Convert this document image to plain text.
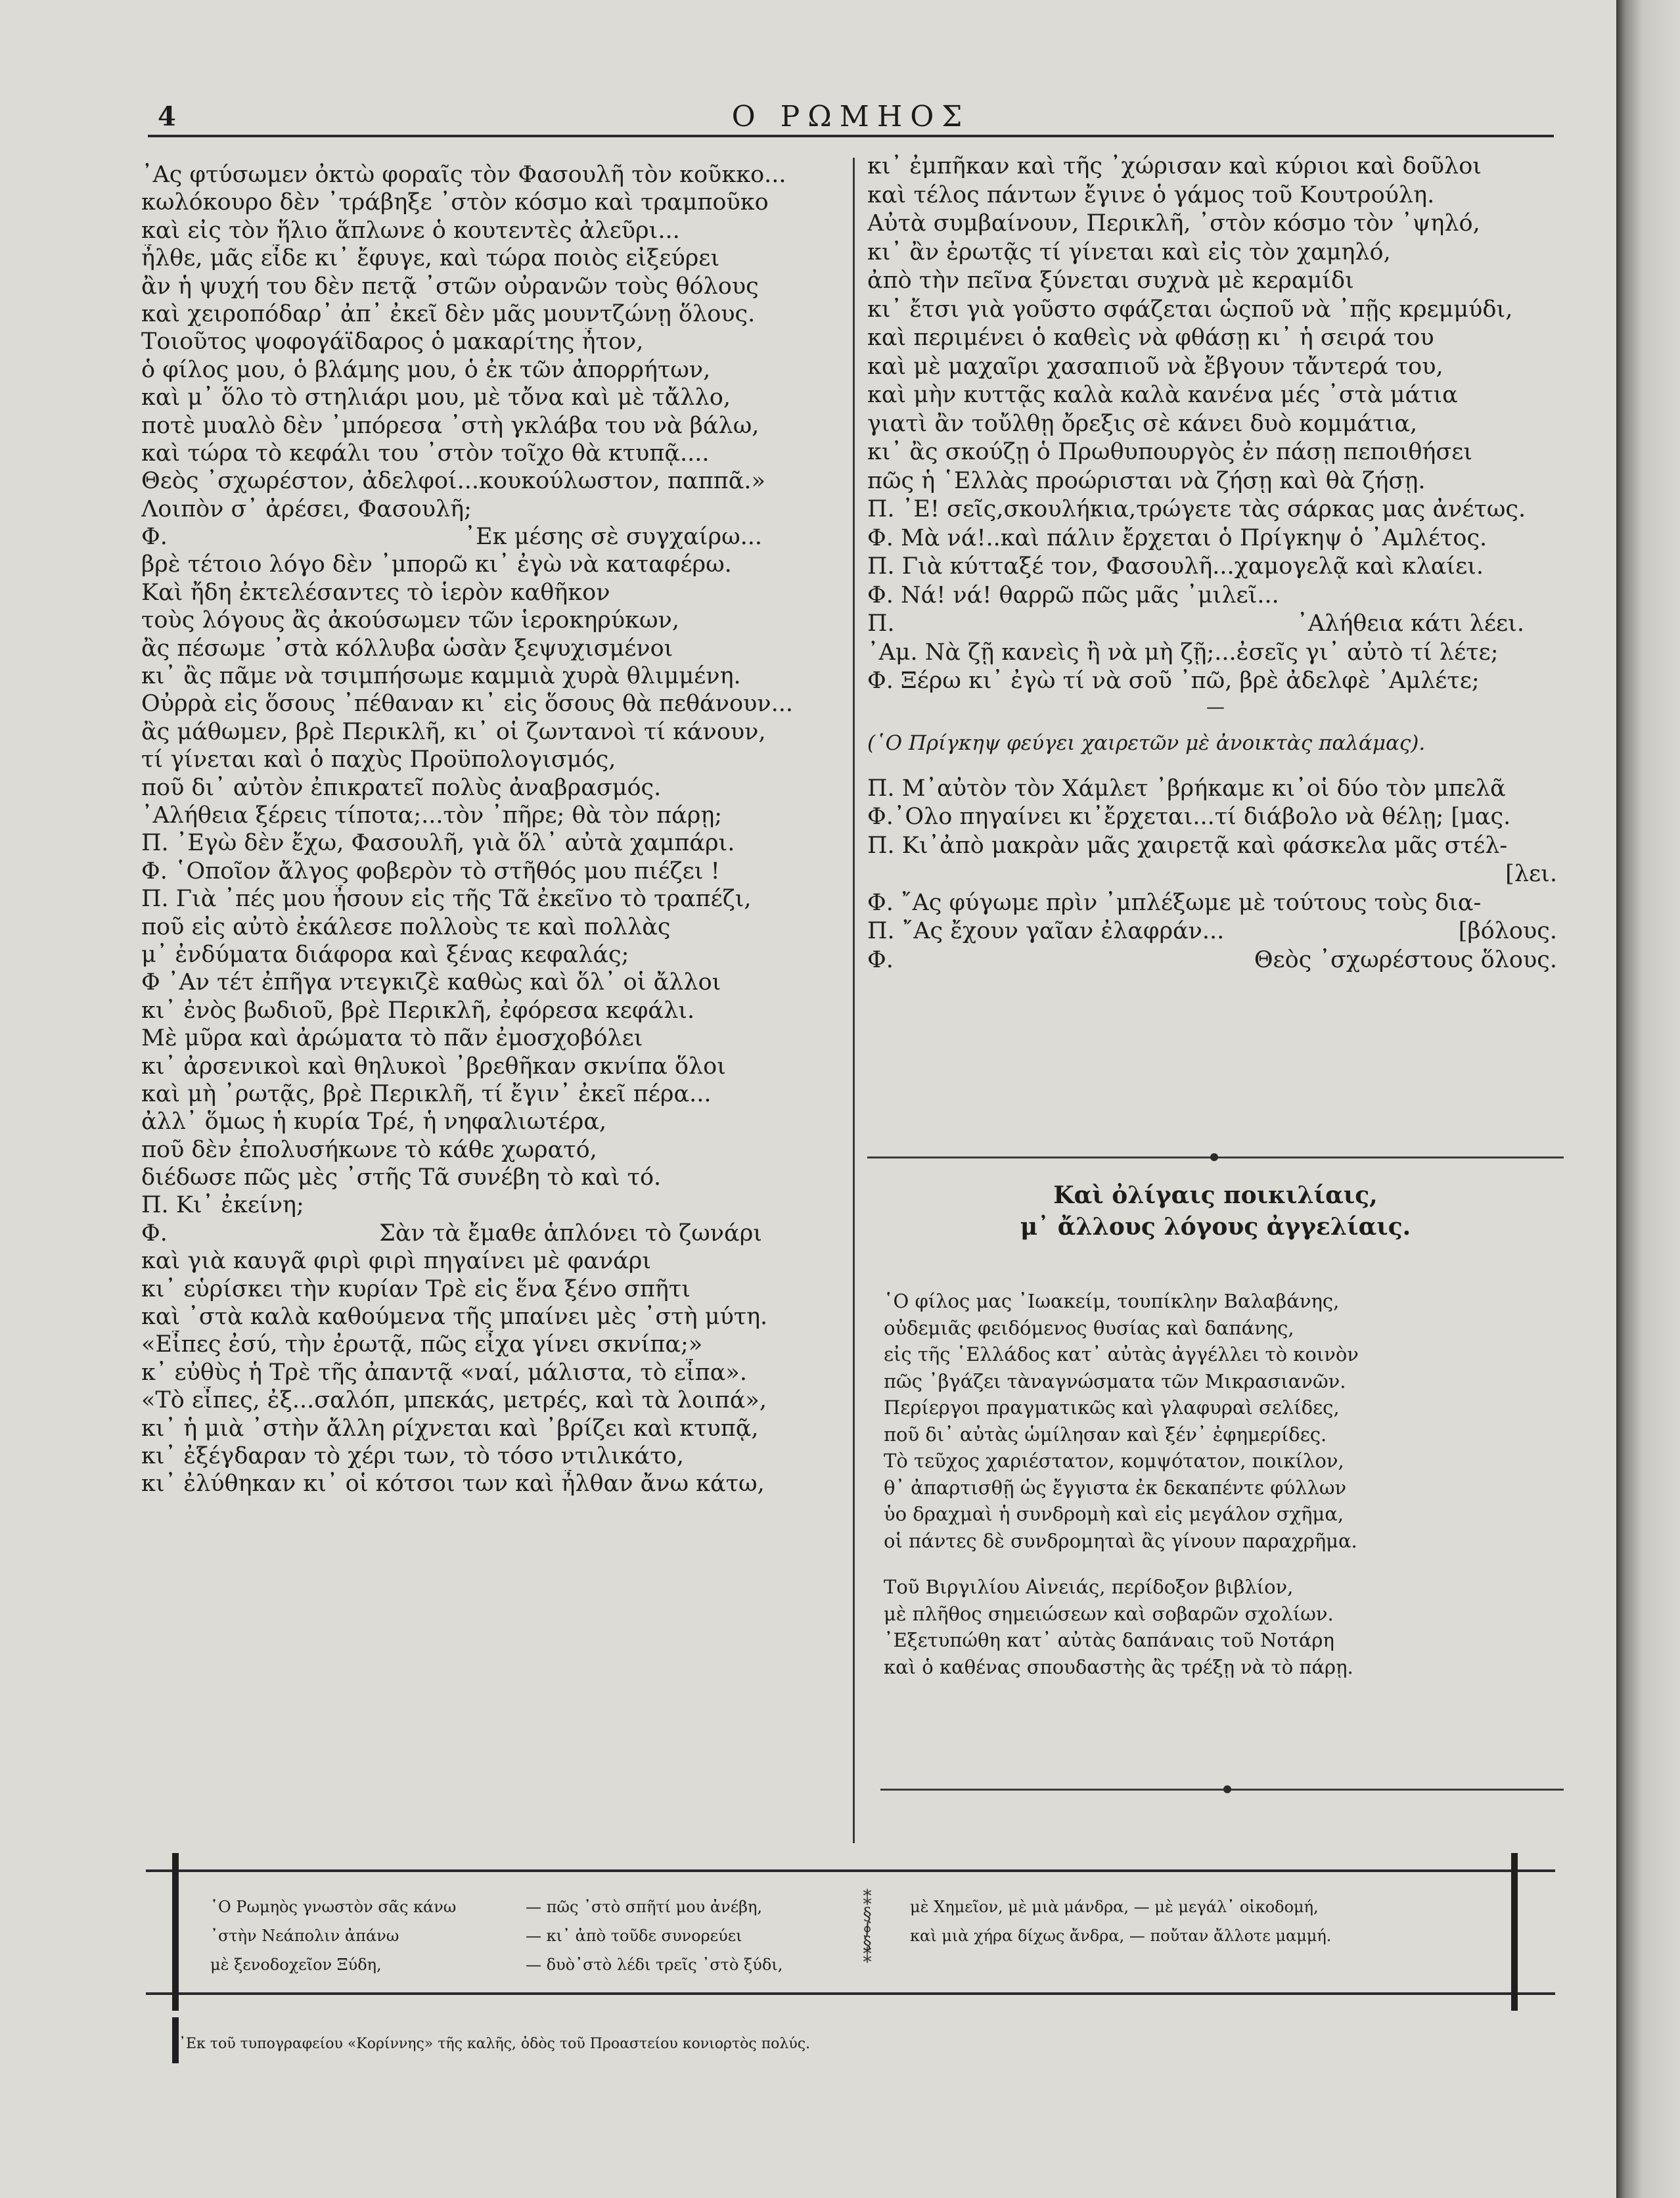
4	Ο ΡΩΜΗΟΣ
᾿Ας φτύσωμεν ὀκτὼ φοραῖς τὸν Φασουλῆ τὸν κοῦκκο...
κωλόκουρο δὲν ᾽τράβηξε ᾽στὸν κόσμο καὶ τραμποῦκο
καὶ εἰς τὸν ἥλιο ἅπλωνε ὁ κουτεντὲς ἀλεῦρι...
ἦλθε, μᾶς εἶδε κι᾽ ἔφυγε, καὶ τώρα ποιὸς εἰξεύρει
ἂν ἡ ψυχή του δὲν πετᾷ ᾽στῶν οὐρανῶν τοὺς θόλους
καὶ χειροπόδαρ᾽ ἀπ᾽ ἐκεῖ δὲν μᾶς μουντζώνῃ ὅλους.
Τοιοῦτος ψοφογάϊδαρος ὁ μακαρίτης ἦτον,
ὁ φίλος μου, ὁ βλάμης μου, ὁ ἐκ τῶν ἀπορρήτων,
καὶ μ᾽ ὅλο τὸ στηλιάρι μου, μὲ τὄνα καὶ μὲ τἄλλο,
ποτὲ μυαλὸ δὲν ᾽μπόρεσα ᾽στὴ γκλάβα του νὰ βάλω,
καὶ τώρα τὸ κεφάλι του ᾽στὸν τοῖχο θὰ κτυπᾷ....
Θεὸς ᾽σχωρέστον, ἀδελφοί...κουκούλωστον, παππᾶ.»
Λοιπὸν σ᾽ ἀρέσει, Φασουλῆ;
Φ.	᾿Εκ μέσης σὲ συγχαίρω...
βρὲ τέτοιο λόγο δὲν ᾽μπορῶ κι᾽ ἐγὼ νὰ καταφέρω.
Καὶ ἤδη ἐκτελέσαντες τὸ ἱερὸν καθῆκον
τοὺς λόγους ἂς ἀκούσωμεν τῶν ἱεροκηρύκων,
ἂς πέσωμε ᾽στὰ κόλλυβα ὡσὰν ξεψυχισμένοι
κι᾽ ἂς πᾶμε νὰ τσιμπήσωμε καμμιὰ χυρὰ θλιμμένη.
Οὐρρὰ εἰς ὅσους ᾽πέθαναν κι᾽ εἰς ὅσους θὰ πεθάνουν...
ἂς μάθωμεν, βρὲ Περικλῆ, κι᾽ οἱ ζωντανοὶ τί κάνουν,
τί γίνεται καὶ ὁ παχὺς Προϋπολογισμός,
ποῦ δι᾽ αὐτὸν ἐπικρατεῖ πολὺς ἀναβρασμός.
᾿Αλήθεια ξέρεις τίποτα;...τὸν ᾽πῆρε; θὰ τὸν πάρῃ;
Π. ᾿Εγὼ δὲν ἔχω, Φασουλῆ, γιὰ ὅλ᾽ αὐτὰ χαμπάρι.
Φ. ῾Οποῖον ἄλγος φοβερὸν τὸ στῆθός μου πιέζει !
Π. Γιὰ ᾽πές μου ἦσουν εἰς τῆς Τᾶ ἐκεῖνο τὸ τραπέζι,
ποῦ εἰς αὐτὸ ἐκάλεσε πολλοὺς τε καὶ πολλὰς
μ᾽ ἐνδύματα διάφορα καὶ ξένας κεφαλάς;
Φ ᾽Αν τέτ ἐπῆγα ντεγκιζὲ καθὼς καὶ ὅλ᾽ οἱ ἄλλοι
κι᾽ ἐνὸς βωδιοῦ, βρὲ Περικλῆ, ἐφόρεσα κεφάλι.
Μὲ μῦρα καὶ ἀρώματα τὸ πᾶν ἐμοσχοβόλει
κι᾽ ἀρσενικοὶ καὶ θηλυκοὶ ᾽βρεθῆκαν σκνίπα ὅλοι
καὶ μὴ ᾽ρωτᾷς, βρὲ Περικλῆ, τί ἔγιν᾽ ἐκεῖ πέρα...
ἀλλ᾽ ὅμως ἡ κυρία Τρέ, ἡ νηφαλιωτέρα,
ποῦ δὲν ἐπολυσήκωνε τὸ κάθε χωρατό,
διέδωσε πῶς μὲς ᾽στῆς Τᾶ συνέβη τὸ καὶ τό.
Π. Κι᾽ ἐκείνη;
Φ.	Σὰν τὰ ἔμαθε ἁπλόνει τὸ ζωνάρι
καὶ γιὰ καυγᾶ φιρὶ φιρὶ πηγαίνει μὲ φανάρι
κι᾽ εὑρίσκει τὴν κυρίαν Τρὲ εἰς ἕνα ξένο σπῆτι
καὶ ᾽στὰ καλὰ καθούμενα τῆς μπαίνει μὲς ᾽στὴ μύτη.
«Εἶπες ἐσύ, τὴν ἐρωτᾷ, πῶς εἶχα γίνει σκνίπα;»
κ᾽ εὐθὺς ἡ Τρὲ τῆς ἀπαντᾷ «ναί, μάλιστα, τὸ εἶπα».
«Τὸ εἶπες, ἐξ...σαλόπ, μπεκάς, μετρές, καὶ τὰ λοιπά»,
κι᾽ ἡ μιὰ ᾽στὴν ἄλλη ρίχνεται καὶ ᾽βρίζει καὶ κτυπᾷ,
κι᾽ ἐξέγδαραν τὸ χέρι των, τὸ τόσο ντιλικάτο,
κι᾽ ἐλύθηκαν κι᾽ οἱ κότσοι των καὶ ἦλθαν ἄνω κάτω,
κι᾽ ἐμπῆκαν καὶ τῆς ᾽χώρισαν καὶ κύριοι καὶ δοῦλοι
καὶ τέλος πάντων ἔγινε ὁ γάμος τοῦ Κουτρούλη.
Αὐτὰ συμβαίνουν, Περικλῆ, ᾽στὸν κόσμο τὸν ᾽ψηλό,
κι᾽ ἂν ἐρωτᾷς τί γίνεται καὶ εἰς τὸν χαμηλό,
ἀπὸ τὴν πεῖνα ξύνεται συχνὰ μὲ κεραμίδι
κι᾽ ἔτσι γιὰ γοῦστο σφάζεται ὡςποῦ νὰ ᾽πῇς κρεμμύδι,
καὶ περιμένει ὁ καθεὶς νὰ φθάσῃ κι᾽ ἡ σειρά του
καὶ μὲ μαχαῖρι χασαπιοῦ νὰ ἔβγουν τἄντερά του,
καὶ μὴν κυττᾷς καλὰ καλὰ κανένα μές ᾽στὰ μάτια
γιατὶ ἂν τοὔλθῃ ὄρεξις σὲ κάνει δυὸ κομμάτια,
κι᾽ ἂς σκούζῃ ὁ Πρωθυπουργὸς ἐν πάσῃ πεποιθήσει
πῶς ἡ ῾Ελλὰς προώρισται νὰ ζήσῃ καὶ θὰ ζήσῃ.
Π. ᾿Ε! σεῖς,σκουλήκια,τρώγετε τὰς σάρκας μας ἀνέτως.
Φ. Μὰ νά!..καὶ πάλιν ἔρχεται ὁ Πρίγκηψ ὁ ᾽Αμλέτος.
Π. Γιὰ κύτταξέ τον, Φασουλῆ...χαμογελᾷ καὶ κλαίει.
Φ. Νά! νά! θαρρῶ πῶς μᾶς ᾽μιλεῖ...
Π.	᾿Αλήθεια κάτι λέει.
᾿Αμ. Νὰ ζῇ κανεὶς ἢ νὰ μὴ ζῇ;...ἐσεῖς γι᾽ αὐτὸ τί λέτε;
Φ. Ξέρω κι᾽ ἐγὼ τί νὰ σοῦ ᾽πῶ, βρὲ ἀδελφὲ ᾽Αμλέτε;
—
(῾Ο Πρίγκηψ φεύγει χαιρετῶν μὲ ἀνοικτὰς παλάμας).
Π. Μ᾽αὐτὸν τὸν Χάμλετ ᾽βρήκαμε κι᾽οἱ δύο τὸν μπελᾶ
Φ.᾽Ολο πηγαίνει κι᾽ἔρχεται...τί διάβολο νὰ θέλῃ; [μας.
Π. Κι᾽ἀπὸ μακρὰν μᾶς χαιρετᾷ καὶ φάσκελα μᾶς στέλ-
[λει.
Φ. ῎Ας φύγωμε πρὶν ᾽μπλέξωμε μὲ τούτους τοὺς δια-
Π. ῎Ας ἔχουν γαῖαν ἐλαφράν...	[βόλους.
Φ.	Θεὸς ᾽σχωρέστους ὅλους.
Καὶ ὀλίγαις ποικιλίαις,
μ᾽ ἄλλους λόγους ἀγγελίαις.
῾Ο φίλος μας ᾽Ιωακείμ, τουπίκλην Βαλαβάνης,
οὐδεμιᾶς φειδόμενος θυσίας καὶ δαπάνης,
εἰς τῆς ῾Ελλάδος κατ᾽ αὐτὰς ἀγγέλλει τὸ κοινὸν
πῶς ᾽βγάζει τὰναγνώσματα τῶν Μικρασιανῶν.
Περίεργοι πραγματικῶς καὶ γλαφυραὶ σελίδες,
ποῦ δι᾽ αὐτὰς ὡμίλησαν καὶ ξέν᾽ ἐφημερίδες.
Τὸ τεῦχος χαριέστατον, κομψότατον, ποικίλον,
θ᾽ ἀπαρτισθῇ ὡς ἔγγιστα ἐκ δεκαπέντε φύλλων
ὑο δραχμαὶ ἡ συνδρομὴ καὶ εἰς μεγάλον σχῆμα,
οἱ πάντες δὲ συνδρομηταὶ ἂς γίνουν παραχρῆμα.
Τοῦ Βιργιλίου Αἰνειάς, περίδοξον βιβλίον,
μὲ πλῆθος σημειώσεων καὶ σοβαρῶν σχολίων.
᾿Εξετυπώθη κατ᾽ αὐτὰς δαπάναις τοῦ Νοτάρη
καὶ ὁ καθένας σπουδαστὴς ἂς τρέξῃ νὰ τὸ πάρῃ.
῾Ο Ρωμηὸς γνωστὸν σᾶς κάνω
᾽στὴν Νεάπολιν ἀπάνω
μὲ ξενοδοχεῖον Ξύδη,
— πῶς ᾽στὸ σπῆτί μου ἀνέβη,
— κι᾽ ἀπὸ τοῦδε συνορεύει
— δυὸ᾽στὸ λέδι τρεῖς ᾽στὸ ξύδι,
⁑
§
∮
§
⁑
μὲ Χημεῖον, μὲ μιὰ μάνδρα, — μὲ μεγάλ᾽ οἰκοδομή,
καὶ μιὰ χήρα δίχως ἄνδρα, — ποὔταν ἄλλοτε μαμμή.
᾿Εκ τοῦ τυπογραφείου «Κορίννης» τῆς καλῆς, ὁδὸς τοῦ Προαστείου κονιορτὸς πολύς.
